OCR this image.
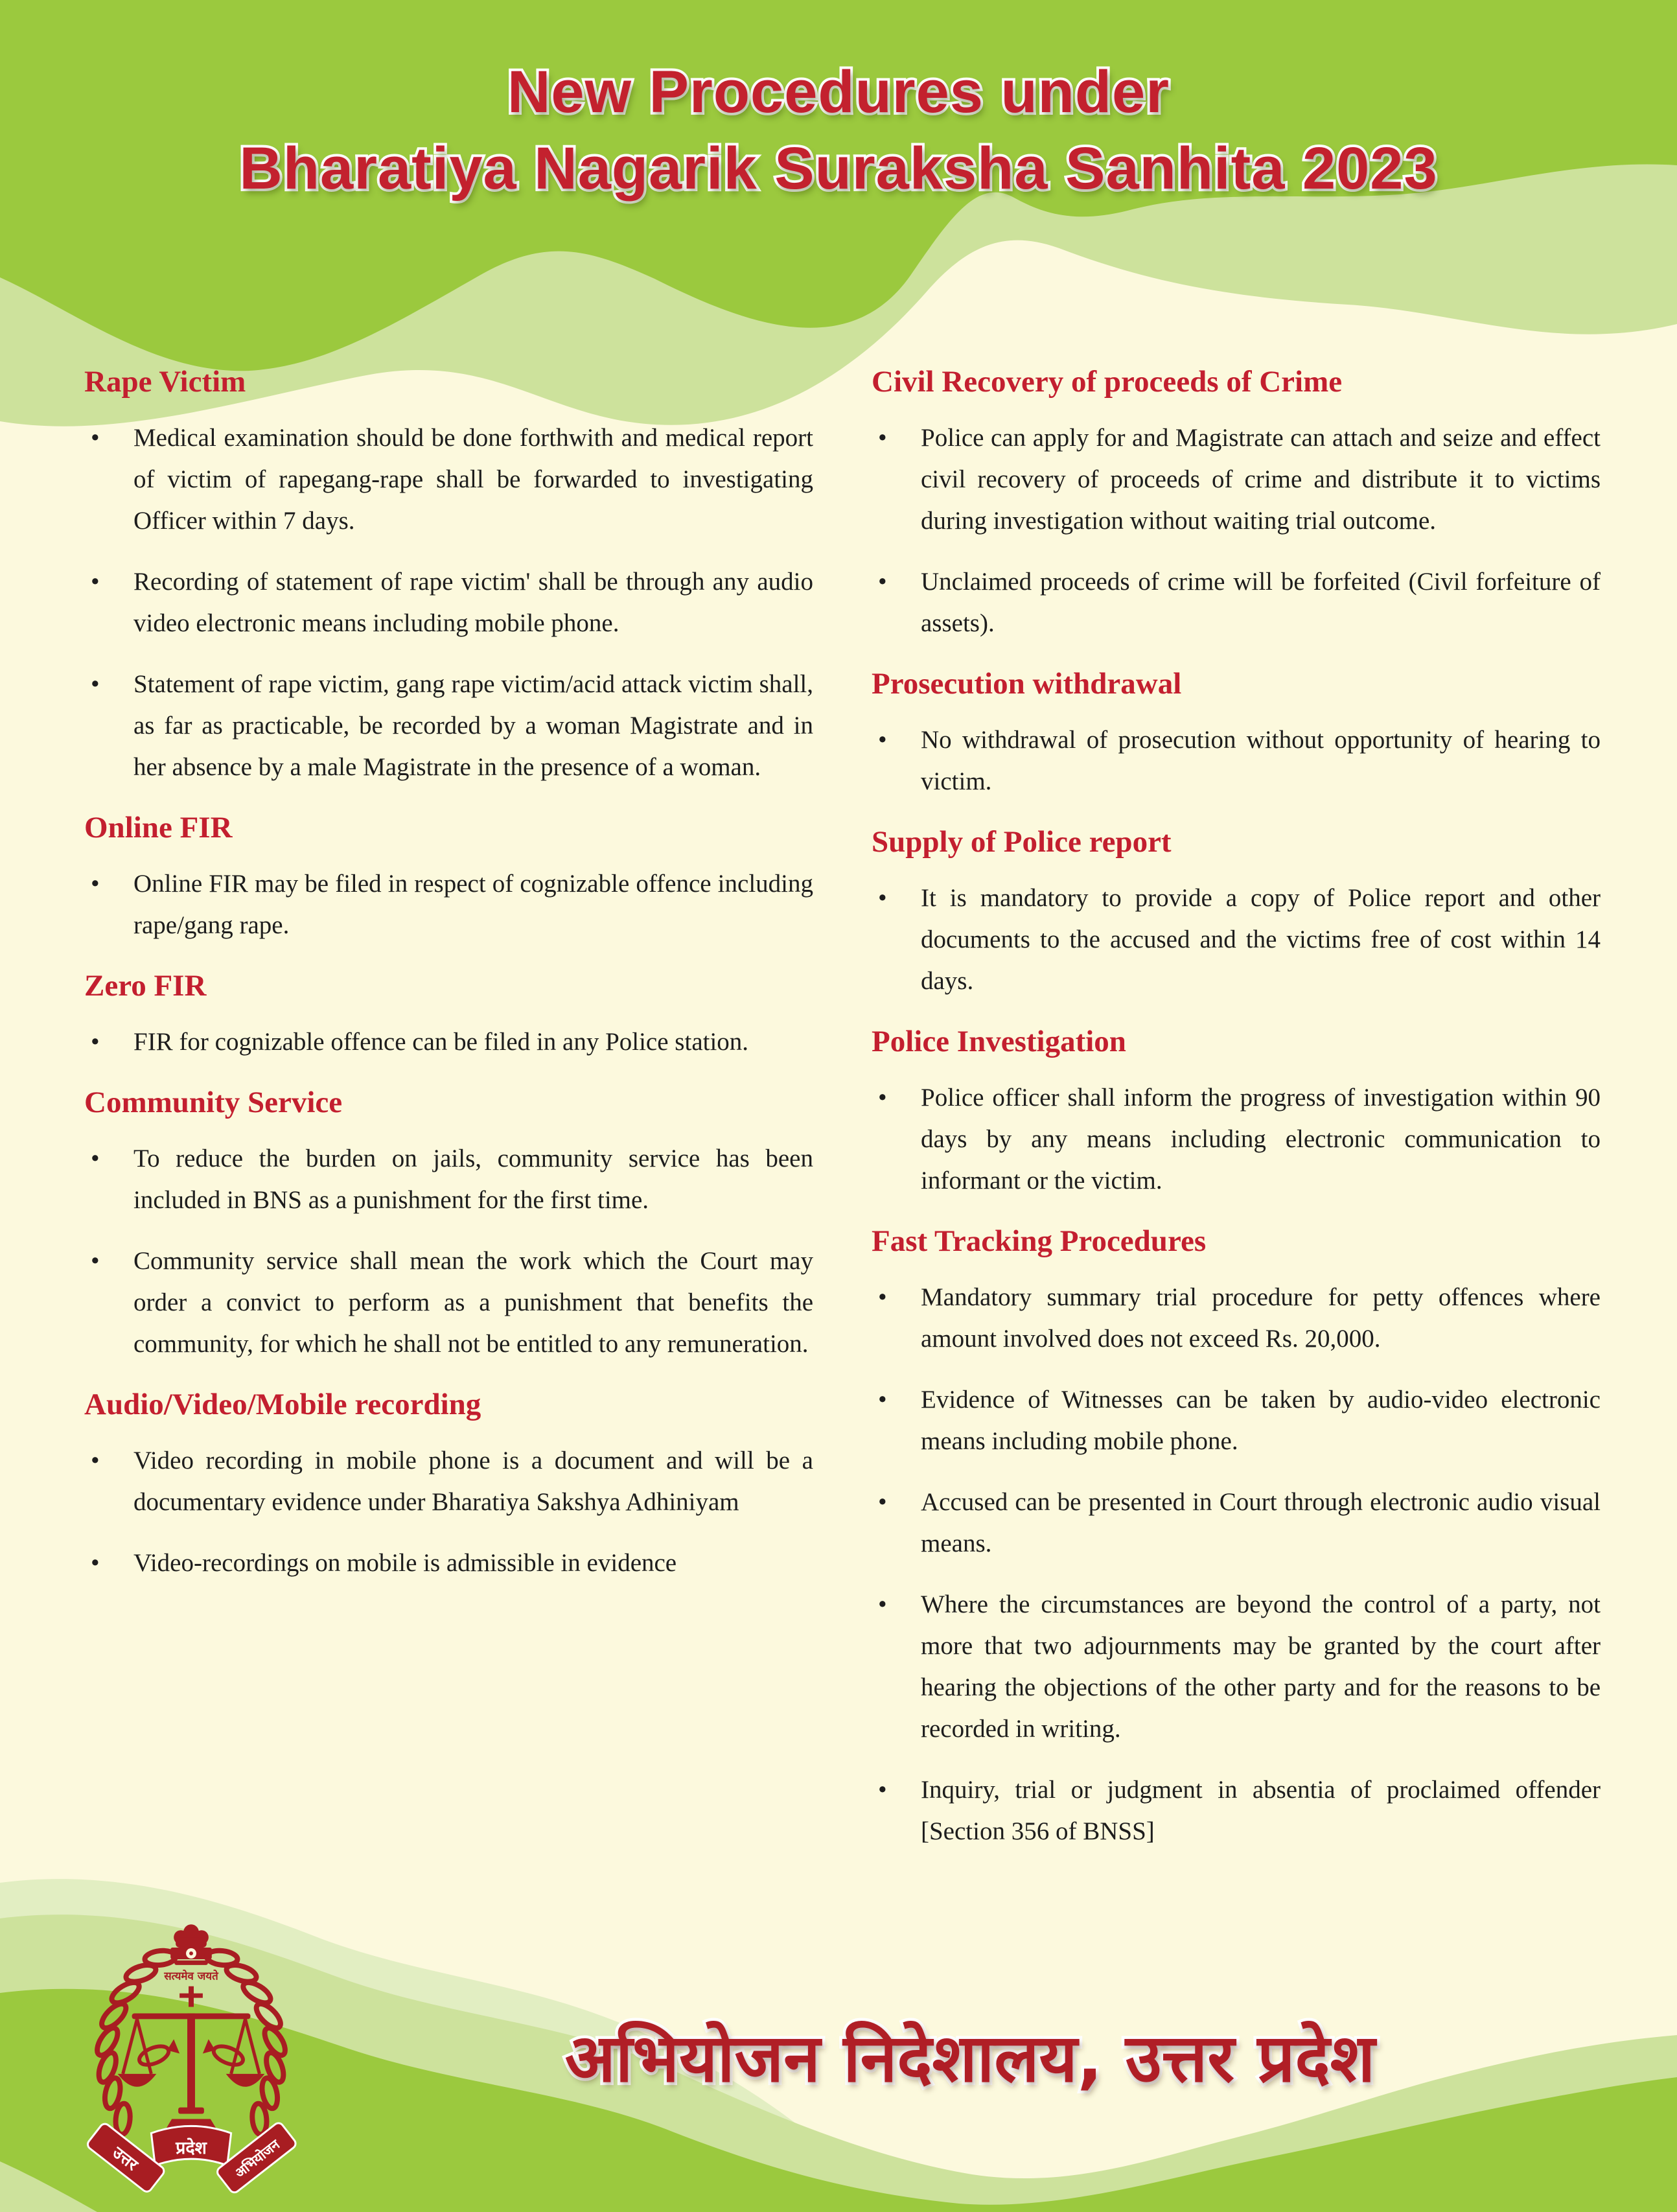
New Procedures under
Bharatiya Nagarik Suraksha Sanhita 2023
Rape Victim
• Medical examination should be done forthwith and medical report of victim of rapegang-rape shall be forwarded to investigating Officer within 7 days.
• Recording of statement of rape victim' shall be through any audio video electronic means including mobile phone.
• Statement of rape victim, gang rape victim/acid attack victim shall, as far as practicable, be recorded by a woman Magistrate and in her absence by a male Magistrate in the presence of a woman.
Online FIR
• Online FIR may be filed in respect of cognizable offence including rape/gang rape.
Zero FIR
• FIR for cognizable offence can be filed in any Police station.
Community Service
• To reduce the burden on jails, community service has been included in BNS as a punishment for the first time.
• Community service shall mean the work which the Court may order a convict to perform as a punishment that benefits the community, for which he shall not be entitled to any remuneration.
Audio/Video/Mobile recording
• Video recording in mobile phone is a document and will be a documentary evidence under Bharatiya Sakshya Adhiniyam
• Video-recordings on mobile is admissible in evidence
Civil Recovery of proceeds of Crime
• Police can apply for and Magistrate can attach and seize and effect civil recovery of proceeds of crime and distribute it to victims during investigation without waiting trial outcome.
• Unclaimed proceeds of crime will be forfeited (Civil forfeiture of assets).
Prosecution withdrawal
• No withdrawal of prosecution without opportunity of hearing to victim.
Supply of Police report
• It is mandatory to provide a copy of Police report and other documents to the accused and the victims free of cost within 14 days.
Police Investigation
• Police officer shall inform the progress of investigation within 90 days by any means including electronic communication to informant or the victim.
Fast Tracking Procedures
• Mandatory summary trial procedure for petty offences where amount involved does not exceed Rs. 20,000.
• Evidence of Witnesses can be taken by audio-video electronic means including mobile phone.
• Accused can be presented in Court through electronic audio visual means.
• Where the circumstances are beyond the control of a party, not more that two adjournments may be granted by the court after hearing the objections of the other party and for the reasons to be recorded in writing.
• Inquiry, trial or judgment in absentia of proclaimed offender [Section 356 of BNSS]
सत्यमेव जयते
प्रदेश
उत्तर	अभियोजन
अभियोजन निदेशालय, उत्तर प्रदेश
